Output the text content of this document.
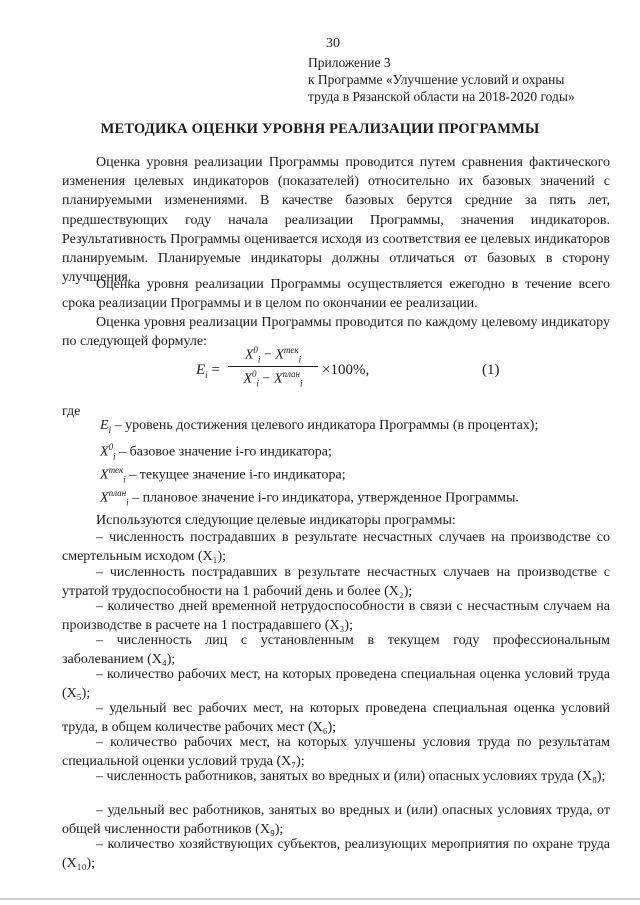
30
Приложение 3
к Программе «Улучшение условий и охраны
труда в Рязанской области на 2018-2020 годы»
МЕТОДИКА ОЦЕНКИ УРОВНЯ РЕАЛИЗАЦИИ ПРОГРАММЫ

Оценка уровня реализации Программы проводится путем сравнения фактического изменения целевых индикаторов (показателей) относительно их базовых значений с планируемыми изменениями. В качестве базовых берутся средние за пять лет, предшествующих году начала реализации Программы, значения индикаторов. Результативность Программы оценивается исходя из соответствия ее целевых индикаторов планируемым. Планируемые индикаторы должны отличаться от базовых в сторону улучшения.

Оценка уровня реализации Программы осуществляется ежегодно в течение всего срока реализации Программы и в целом по окончании ее реализации.

Оценка уровня реализации Программы проводится по каждому целевому индикатору по следующей формуле:

$E_i$ =
$X^0_i - X^{тек}_i$
$X^0_i - X^{план}_i$
×100%,	(1)
где
$E_i$ – уровень достижения целевого индикатора Программы (в процентах);
$X^0_i$ – базовое значение i-го индикатора;
$X^{тек}_i$ – текущее значение i-го индикатора;
$X^{план}_i$ – плановое значение i-го индикатора, утвержденное Программы.

Используются следующие целевые индикаторы программы:

– численность пострадавших в результате несчастных случаев на производстве со смертельным исходом (X₁);

– численность пострадавших в результате несчастных случаев на производстве с утратой трудоспособности на 1 рабочий день и более (X₂);

– количество дней временной нетрудоспособности в связи с несчастным случаем на производстве в расчете на 1 пострадавшего (X₃);

– численность лиц с установленным в текущем году профессиональным заболеванием (X₄);

– количество рабочих мест, на которых проведена специальная оценка условий труда (X₅);

– удельный вес рабочих мест, на которых проведена специальная оценка условий труда, в общем количестве рабочих мест (X₆);

– количество рабочих мест, на которых улучшены условия труда по результатам специальной оценки условий труда (X₇);

– численность работников, занятых во вредных и (или) опасных условиях труда (X₈);

– удельный вес работников, занятых во вредных и (или) опасных условиях труда, от общей численности работников (X₉);

– количество хозяйствующих субъектов, реализующих мероприятия по охране труда (X₁₀);
